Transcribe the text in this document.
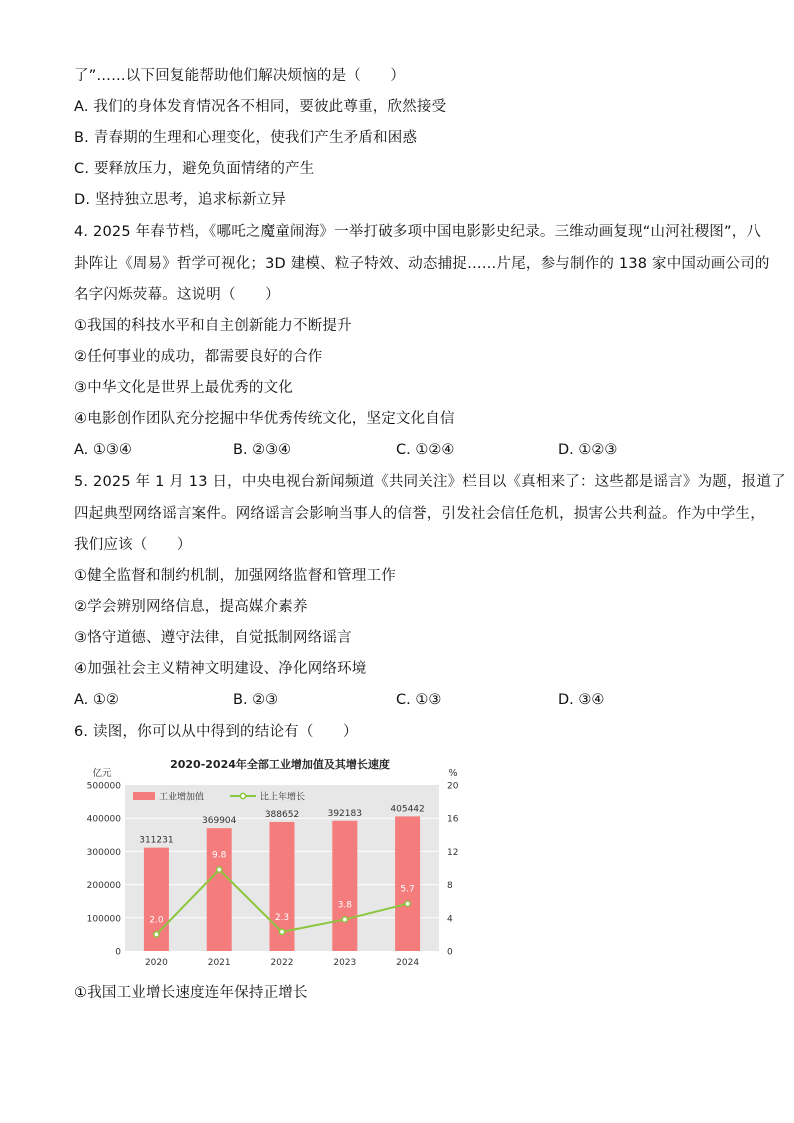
了”……以下回复能帮助他们解决烦恼的是（　　）
A. 我们的身体发育情况各不相同，要彼此尊重，欣然接受
B. 青春期的生理和心理变化，使我们产生矛盾和困惑
C. 要释放压力，避免负面情绪的产生
D. 坚持独立思考，追求标新立异
4. 2025 年春节档，《哪吒之魔童闹海》一举打破多项中国电影影史纪录。三维动画复现“山河社稷图”，八
卦阵让《周易》哲学可视化；3D 建模、粒子特效、动态捕捉……片尾，参与制作的 138 家中国动画公司的
名字闪烁荧幕。这说明（　　）
①我国的科技水平和自主创新能力不断提升
②任何事业的成功，都需要良好的合作
③中华文化是世界上最优秀的文化
④电影创作团队充分挖掘中华优秀传统文化，坚定文化自信
A. ①③④	B. ②③④	C. ①②④	D. ①②③
5. 2025 年 1 月 13 日，中央电视台新闻频道《共同关注》栏目以《真相来了：这些都是谣言》为题，报道了
四起典型网络谣言案件。网络谣言会影响当事人的信誉，引发社会信任危机，损害公共利益。作为中学生，
我们应该（　　）
①健全监督和制约机制，加强网络监督和管理工作
②学会辨别网络信息，提高媒介素养
③恪守道德、遵守法律，自觉抵制网络谣言
④加强社会主义精神文明建设、净化网络环境
A. ①②	B. ②③	C. ①③	D. ③④
6. 读图，你可以从中得到的结论有（　　）
2020-2024年全部工业增加值及其增长速度
亿元	%
0
100000
200000
300000
400000
500000
0
4
8
12
16
20
311231
369904
388652	392183	405442
2.0
9.8
2.3
3.8
5.7
2020	2021	2022	2023	2024
工业增加值	比上年增长
①我国工业增长速度连年保持正增长
